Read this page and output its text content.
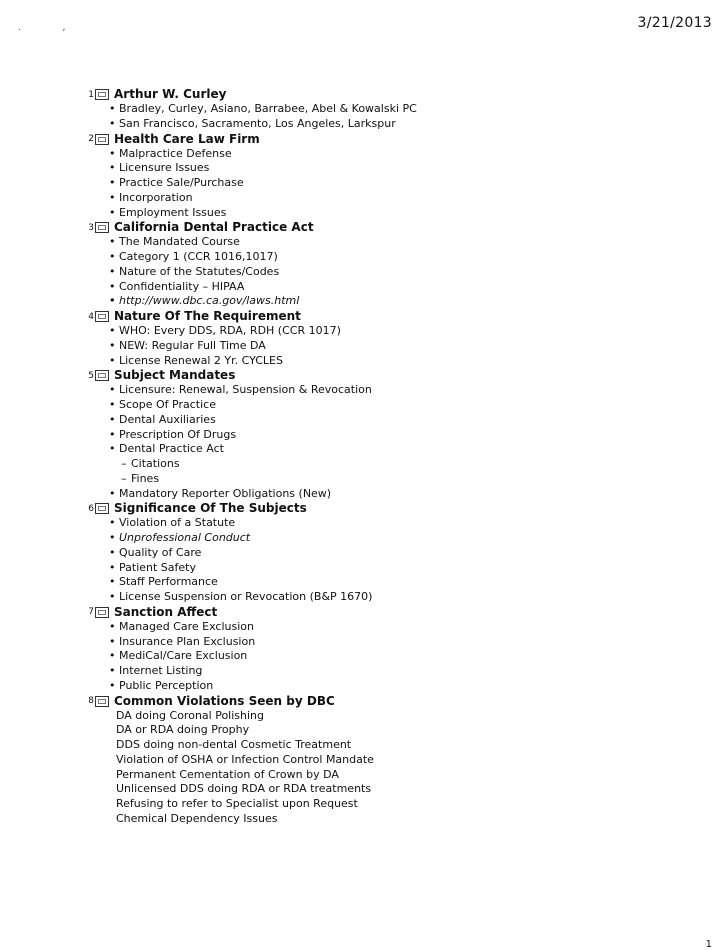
.	,	3/21/2013
1 Arthur W. Curley
• Bradley, Curley, Asiano, Barrabee, Abel & Kowalski PC
• San Francisco, Sacramento, Los Angeles, Larkspur
2 Health Care Law Firm
• Malpractice Defense
• Licensure Issues
• Practice Sale/Purchase
• Incorporation
• Employment Issues
3 California Dental Practice Act
• The Mandated Course
• Category 1 (CCR 1016,1017)
• Nature of the Statutes/Codes
• Confidentiality – HIPAA
• http://www.dbc.ca.gov/laws.html
4 Nature Of The Requirement
• WHO: Every DDS, RDA, RDH (CCR 1017)
• NEW: Regular Full Time DA
• License Renewal 2 Yr. CYCLES
5 Subject Mandates
• Licensure: Renewal, Suspension & Revocation
• Scope Of Practice
• Dental Auxiliaries
• Prescription Of Drugs
• Dental Practice Act
– Citations
– Fines
• Mandatory Reporter Obligations (New)
6 Significance Of The Subjects
• Violation of a Statute
• Unprofessional Conduct
• Quality of Care
• Patient Safety
• Staff Performance
• License Suspension or Revocation (B&P 1670)
7 Sanction Affect
• Managed Care Exclusion
• Insurance Plan Exclusion
• MediCal/Care Exclusion
• Internet Listing
• Public Perception
8 Common Violations Seen by DBC
DA doing Coronal Polishing
DA or RDA doing Prophy
DDS doing non-dental Cosmetic Treatment
Violation of OSHA or Infection Control Mandate
Permanent Cementation of Crown by DA
Unlicensed DDS doing RDA or RDA treatments
Refusing to refer to Specialist upon Request
Chemical Dependency Issues
1
